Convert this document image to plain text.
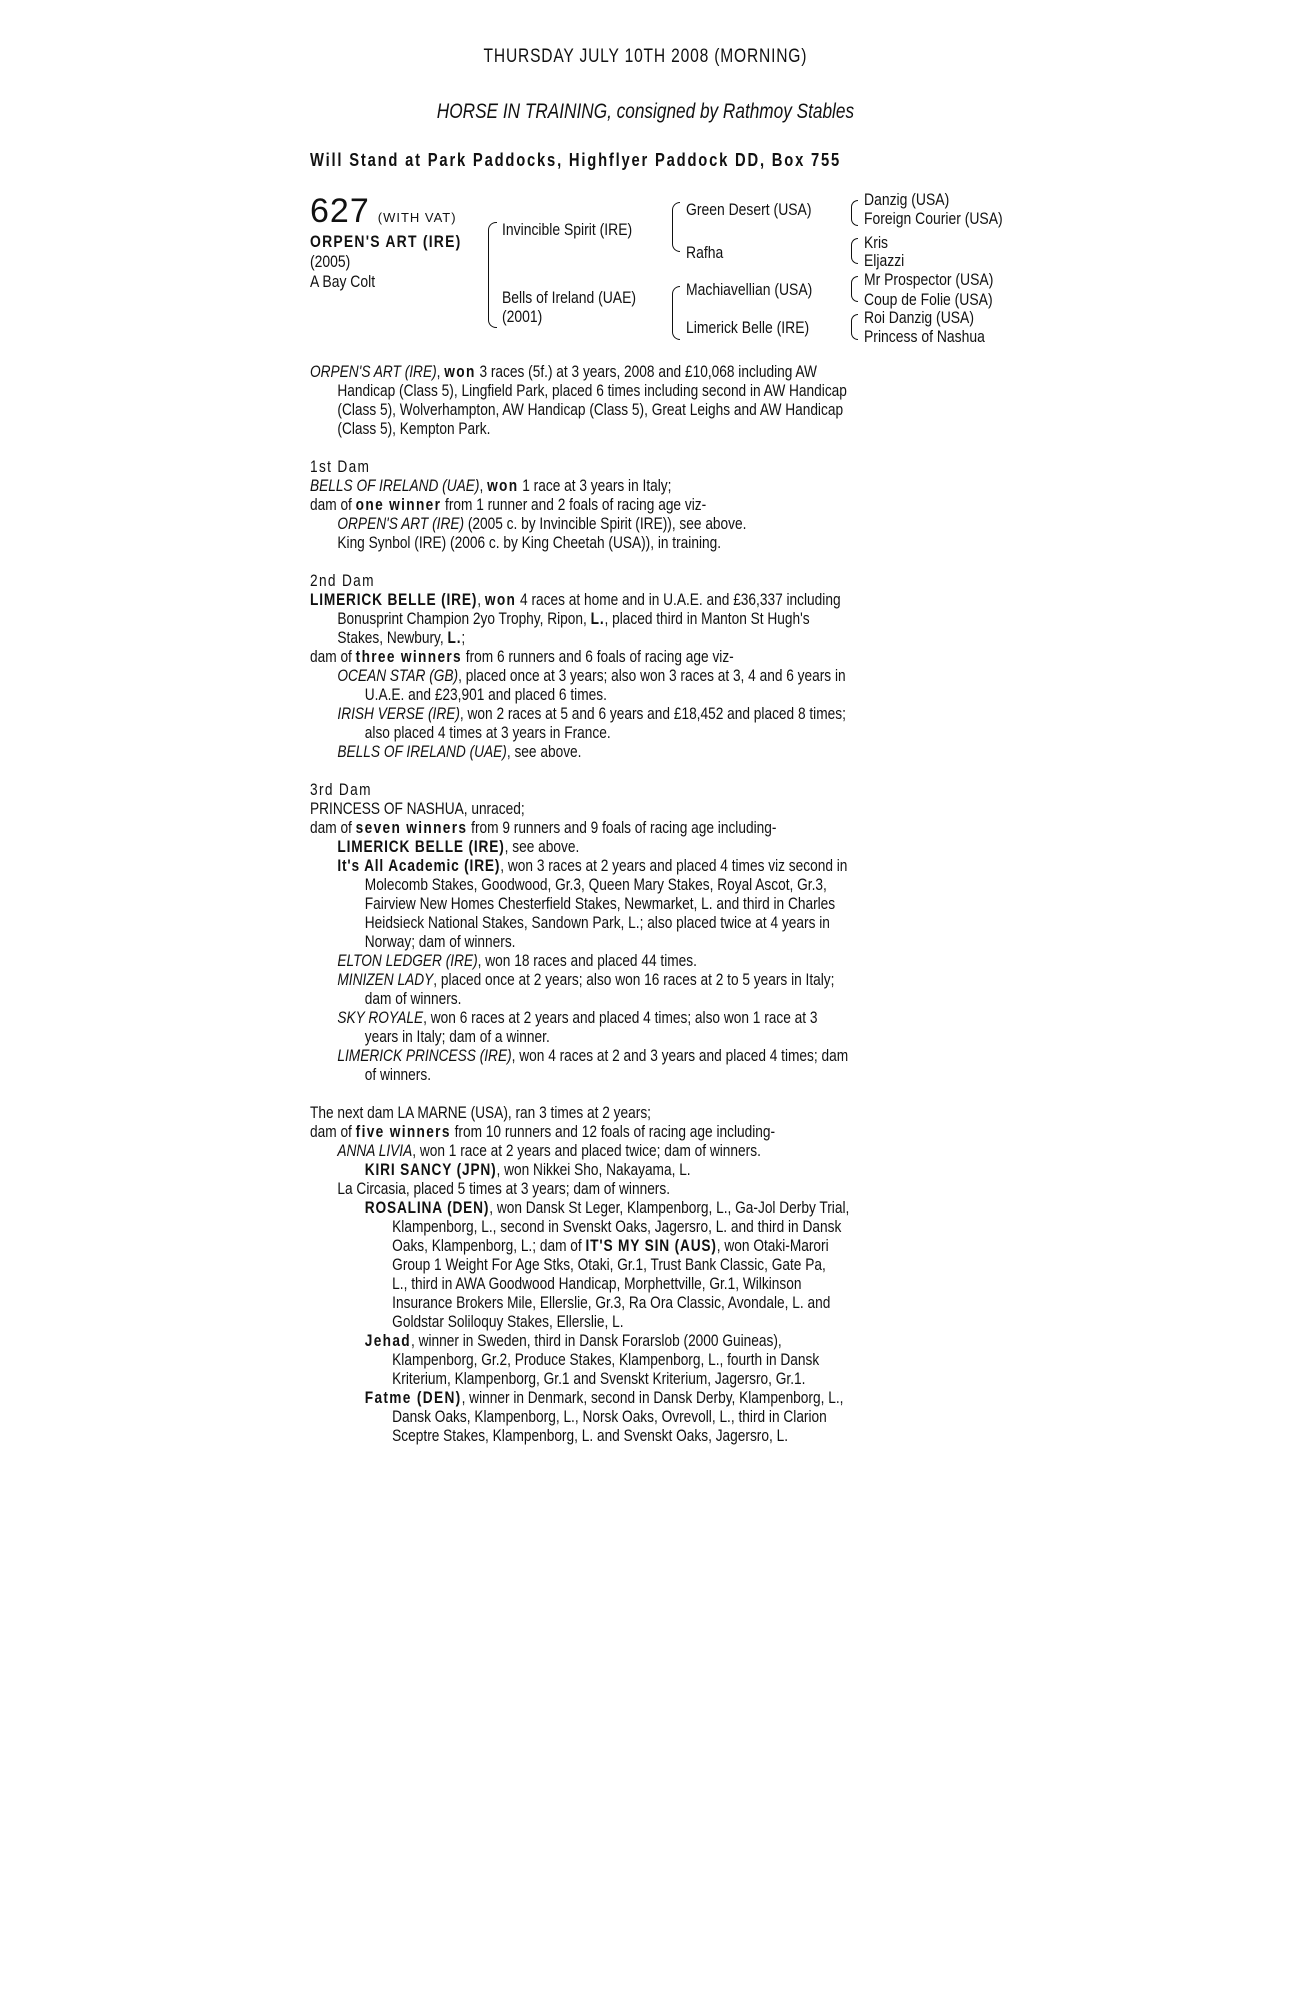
THURSDAY JULY 10TH 2008 (MORNING)
HORSE IN TRAINING, consigned by Rathmoy Stables
Will Stand at Park Paddocks, Highflyer Paddock DD, Box 755
627 (WITH VAT)
ORPEN'S ART (IRE)
(2005)
A Bay Colt
Invincible Spirit (IRE)
Bells of Ireland (UAE)
(2001)
Green Desert (USA)
Rafha
Machiavellian (USA)
Limerick Belle (IRE)
Danzig (USA)
Foreign Courier (USA)
Kris
Eljazzi
Mr Prospector (USA)
Coup de Folie (USA)
Roi Danzig (USA)
Princess of Nashua

ORPEN'S ART (IRE), won 3 races (5f.) at 3 years, 2008 and £10,068 including AW

Handicap (Class 5), Lingfield Park, placed 6 times including second in AW Handicap

(Class 5), Wolverhampton, AW Handicap (Class 5), Great Leighs and AW Handicap

(Class 5), Kempton Park.

1st Dam

BELLS OF IRELAND (UAE), won 1 race at 3 years in Italy;

dam of one winner from 1 runner and 2 foals of racing age viz-

ORPEN'S ART (IRE) (2005 c. by Invincible Spirit (IRE)), see above.

King Synbol (IRE) (2006 c. by King Cheetah (USA)), in training.

2nd Dam

LIMERICK BELLE (IRE), won 4 races at home and in U.A.E. and £36,337 including

Bonusprint Champion 2yo Trophy, Ripon, L., placed third in Manton St Hugh's

Stakes, Newbury, L.;

dam of three winners from 6 runners and 6 foals of racing age viz-

OCEAN STAR (GB), placed once at 3 years; also won 3 races at 3, 4 and 6 years in

U.A.E. and £23,901 and placed 6 times.

IRISH VERSE (IRE), won 2 races at 5 and 6 years and £18,452 and placed 8 times;

also placed 4 times at 3 years in France.

BELLS OF IRELAND (UAE), see above.

3rd Dam

PRINCESS OF NASHUA, unraced;

dam of seven winners from 9 runners and 9 foals of racing age including-

LIMERICK BELLE (IRE), see above.

It's All Academic (IRE), won 3 races at 2 years and placed 4 times viz second in

Molecomb Stakes, Goodwood, Gr.3, Queen Mary Stakes, Royal Ascot, Gr.3,

Fairview New Homes Chesterfield Stakes, Newmarket, L. and third in Charles

Heidsieck National Stakes, Sandown Park, L.; also placed twice at 4 years in

Norway; dam of winners.

ELTON LEDGER (IRE), won 18 races and placed 44 times.

MINIZEN LADY, placed once at 2 years; also won 16 races at 2 to 5 years in Italy;

dam of winners.

SKY ROYALE, won 6 races at 2 years and placed 4 times; also won 1 race at 3

years in Italy; dam of a winner.

LIMERICK PRINCESS (IRE), won 4 races at 2 and 3 years and placed 4 times; dam

of winners.

The next dam LA MARNE (USA), ran 3 times at 2 years;

dam of five winners from 10 runners and 12 foals of racing age including-

ANNA LIVIA, won 1 race at 2 years and placed twice; dam of winners.

KIRI SANCY (JPN), won Nikkei Sho, Nakayama, L.

La Circasia, placed 5 times at 3 years; dam of winners.

ROSALINA (DEN), won Dansk St Leger, Klampenborg, L., Ga-Jol Derby Trial,

Klampenborg, L., second in Svenskt Oaks, Jagersro, L. and third in Dansk

Oaks, Klampenborg, L.; dam of IT'S MY SIN (AUS), won Otaki-Marori

Group 1 Weight For Age Stks, Otaki, Gr.1, Trust Bank Classic, Gate Pa,

L., third in AWA Goodwood Handicap, Morphettville, Gr.1, Wilkinson

Insurance Brokers Mile, Ellerslie, Gr.3, Ra Ora Classic, Avondale, L. and

Goldstar Soliloquy Stakes, Ellerslie, L.

Jehad, winner in Sweden, third in Dansk Forarslob (2000 Guineas),

Klampenborg, Gr.2, Produce Stakes, Klampenborg, L., fourth in Dansk

Kriterium, Klampenborg, Gr.1 and Svenskt Kriterium, Jagersro, Gr.1.

Fatme (DEN), winner in Denmark, second in Dansk Derby, Klampenborg, L.,

Dansk Oaks, Klampenborg, L., Norsk Oaks, Ovrevoll, L., third in Clarion

Sceptre Stakes, Klampenborg, L. and Svenskt Oaks, Jagersro, L.
